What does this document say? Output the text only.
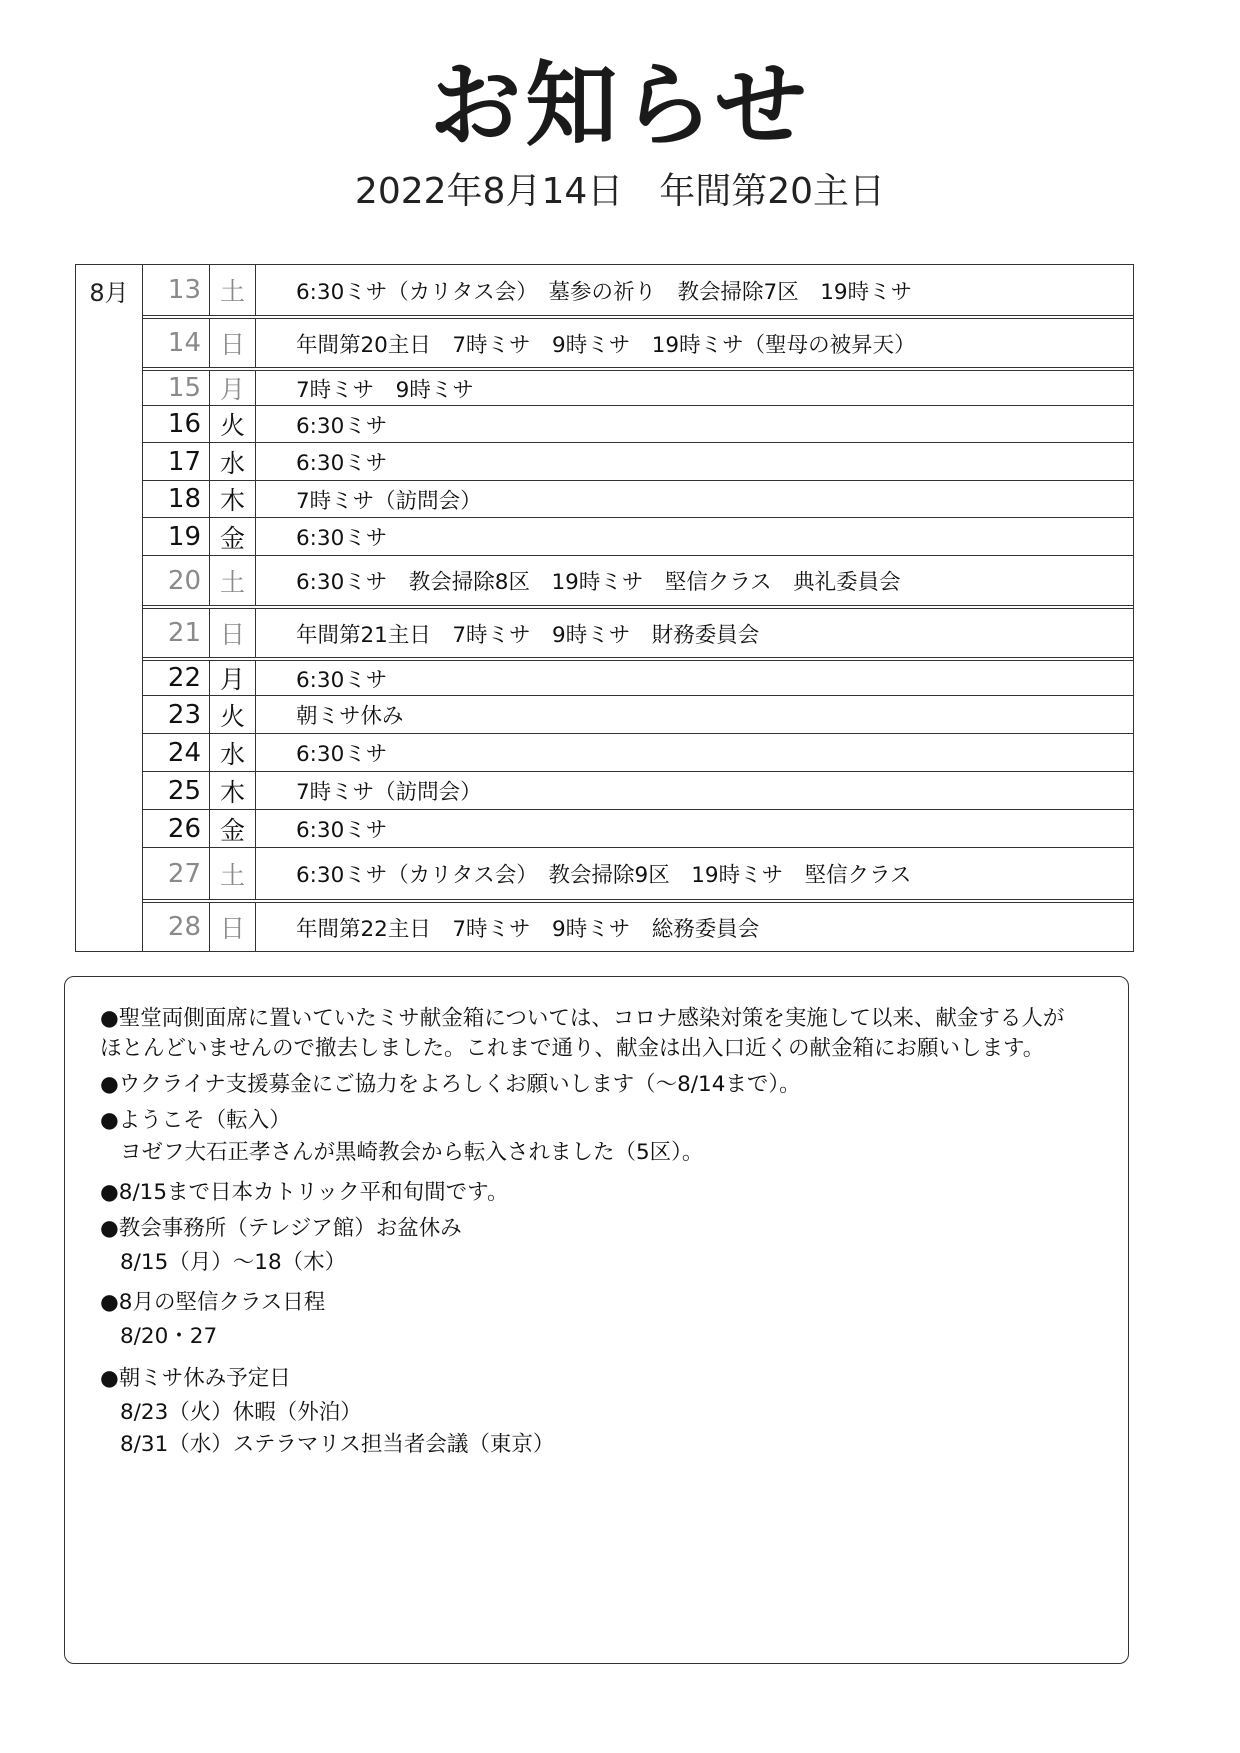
お知らせ
2022年8月14日　年間第20主日
8月	13 土	6:30ミサ（カリタス会）　墓参の祈り　教会掃除7区　19時ミサ
14 日	年間第20主日　7時ミサ　9時ミサ　19時ミサ（聖母の被昇天）
15 月	7時ミサ　9時ミサ
16 火	6:30ミサ
17 水	6:30ミサ
18 木	7時ミサ（訪問会）
19 金	6:30ミサ
20 土	6:30ミサ　教会掃除8区　19時ミサ　堅信クラス　典礼委員会
21 日	年間第21主日　7時ミサ　9時ミサ　財務委員会
22 月	6:30ミサ
23 火	朝ミサ休み
24 水	6:30ミサ
25 木	7時ミサ（訪問会）
26 金	6:30ミサ
27 土	6:30ミサ（カリタス会）　教会掃除9区　19時ミサ　堅信クラス
28 日	年間第22主日　7時ミサ　9時ミサ　総務委員会
●聖堂両側面席に置いていたミサ献金箱については、コロナ感染対策を実施して以来、献金する人が
ほとんどいませんので撤去しました。これまで通り、献金は出入口近くの献金箱にお願いします。
●ウクライナ支援募金にご協力をよろしくお願いします（～8/14まで）。
●ようこそ（転入）
ヨゼフ大石正孝さんが黒崎教会から転入されました（5区）。
●8/15まで日本カトリック平和旬間です。
●教会事務所（テレジア館）お盆休み
8/15（月）～18（木）
●8月の堅信クラス日程
8/20・27
●朝ミサ休み予定日
8/23（火）休暇（外泊）
8/31（水）ステラマリス担当者会議（東京）
